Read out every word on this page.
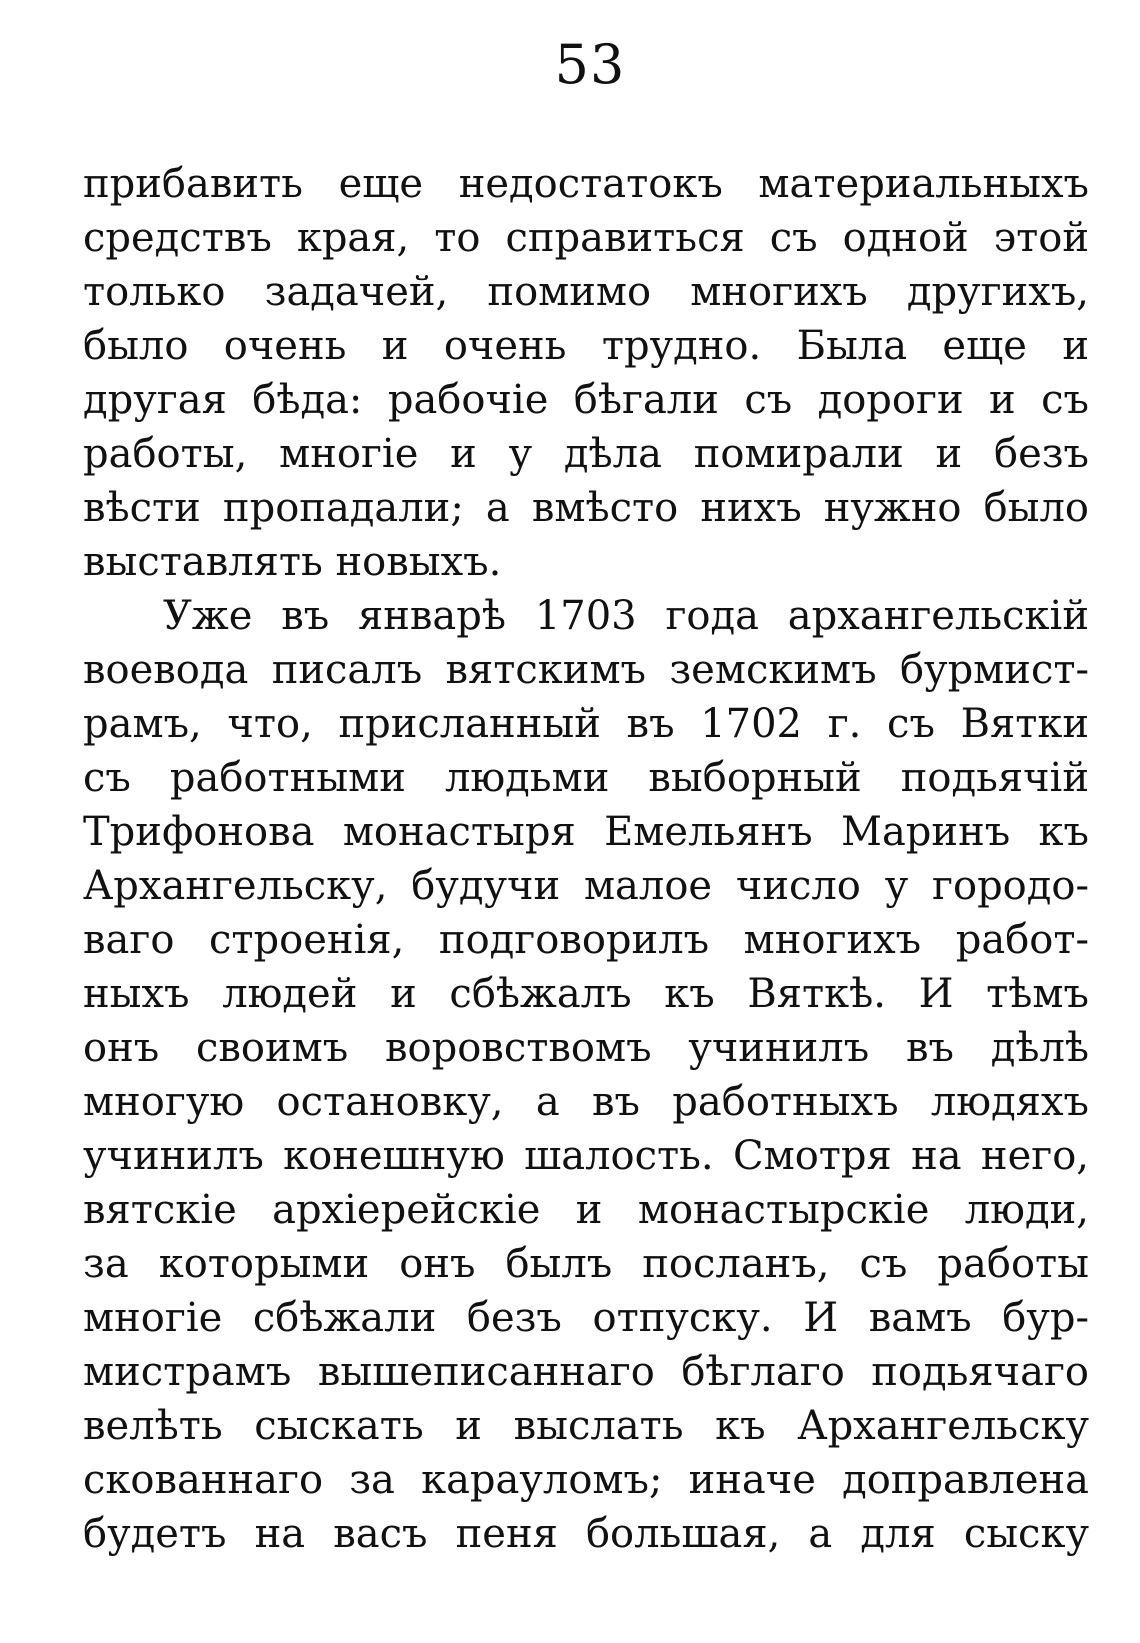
53
прибавить еще недостатокъ материальныхъ
средствъ края, то справиться съ одной этой
только задачей, помимо многихъ другихъ,
было очень и очень трудно. Была еще и
другая бѣда: рабочіе бѣгали съ дороги и съ
работы, многіе и у дѣла помирали и безъ
вѣсти пропадали; а вмѣсто нихъ нужно было
выставлять новыхъ.
Уже въ январѣ 1703 года архангельскій
воевода писалъ вятскимъ земскимъ бурмист-
рамъ, что, присланный въ 1702 г. съ Вятки
съ работными людьми выборный подьячій
Трифонова монастыря Емельянъ Маринъ къ
Архангельску, будучи малое число у городо-
ваго строенія, подговорилъ многихъ работ-
ныхъ людей и сбѣжалъ къ Вяткѣ. И тѣмъ
онъ своимъ воровствомъ учинилъ въ дѣлѣ
многую остановку, а въ работныхъ людяхъ
учинилъ конешную шалость. Смотря на него,
вятскіе архіерейскіе и монастырскіе люди,
за которыми онъ былъ посланъ, съ работы
многіе сбѣжали безъ отпуску. И вамъ бур-
мистрамъ вышеписаннаго бѣглаго подьячаго
велѣть сыскать и выслать къ Архангельску
скованнаго за карауломъ; иначе доправлена
будетъ на васъ пеня большая, а для сыску
